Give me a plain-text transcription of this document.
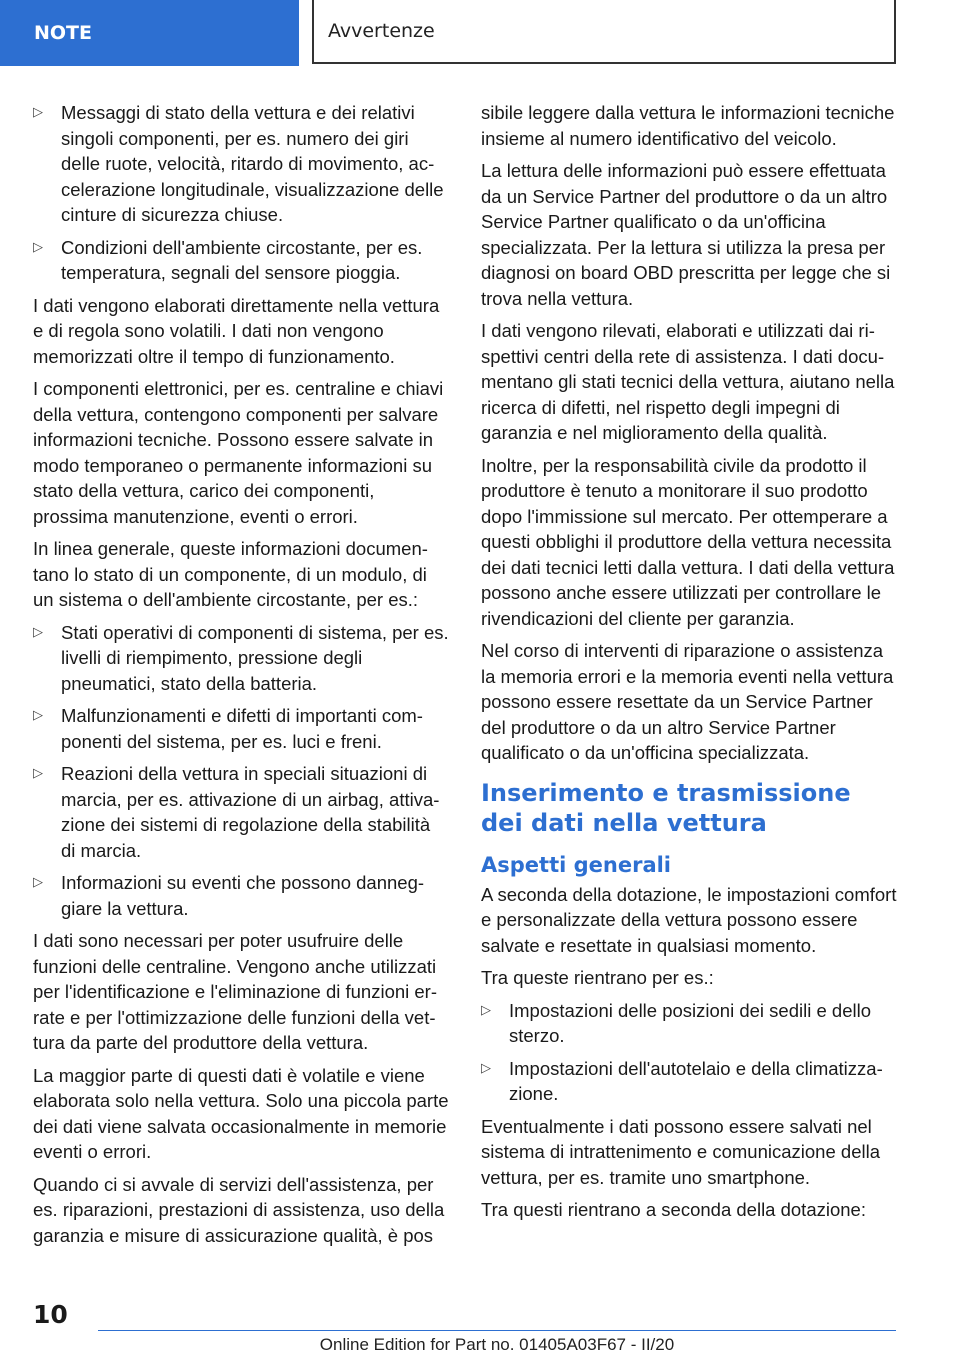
NOTE	Avvertenze
▷ Messaggi di stato della vettura e dei relativi singoli componenti, per es. numero dei giri delle ruote, velocità, ritardo di movimento, accelerazione longitudinale, visualizzazione delle cinture di sicurezza chiuse.
▷ Condizioni dell'ambiente circostante, per es. temperatura, segnali del sensore pioggia.

I dati vengono elaborati direttamente nella vettura e di regola sono volatili. I dati non vengono memorizzati oltre il tempo di funzionamento.

I componenti elettronici, per es. centraline e chiavi della vettura, contengono componenti per salvare informazioni tecniche. Possono essere salvate in modo temporaneo o permanente informazioni su stato della vettura, carico dei componenti, prossima manutenzione, eventi o errori.

In linea generale, queste informazioni documentano lo stato di un componente, di un modulo, di un sistema o dell'ambiente circostante, per es.:

▷ Stati operativi di componenti di sistema, per es. livelli di riempimento, pressione degli pneumatici, stato della batteria.
▷ Malfunzionamenti e difetti di importanti componenti del sistema, per es. luci e freni.
▷ Reazioni della vettura in speciali situazioni di marcia, per es. attivazione di un airbag, attivazione dei sistemi di regolazione della stabilità di marcia.
▷ Informazioni su eventi che possono danneggiare la vettura.

I dati sono necessari per poter usufruire delle funzioni delle centraline. Vengono anche utilizzati per l'identificazione e l'eliminazione di funzioni errate e per l'ottimizzazione delle funzioni della vettura da parte del produttore della vettura.

La maggior parte di questi dati è volatile e viene elaborata solo nella vettura. Solo una piccola parte dei dati viene salvata occasionalmente in memorie eventi o errori.

Quando ci si avvale di servizi dell'assistenza, per es. riparazioni, prestazioni di assistenza, uso della garanzia e misure di assicurazione qualità, è pos

sibile leggere dalla vettura le informazioni tecniche insieme al numero identificativo del veicolo.

La lettura delle informazioni può essere effettuata da un Service Partner del produttore o da un altro Service Partner qualificato o da un'officina specializzata. Per la lettura si utilizza la presa per diagnosi on board OBD prescritta per legge che si trova nella vettura.

I dati vengono rilevati, elaborati e utilizzati dai rispettivi centri della rete di assistenza. I dati documentano gli stati tecnici della vettura, aiutano nella ricerca di difetti, nel rispetto degli impegni di garanzia e nel miglioramento della qualità.

Inoltre, per la responsabilità civile da prodotto il produttore è tenuto a monitorare il suo prodotto dopo l'immissione sul mercato. Per ottemperare a questi obblighi il produttore della vettura necessita dei dati tecnici letti dalla vettura. I dati della vettura possono anche essere utilizzati per controllare le rivendicazioni del cliente per garanzia.

Nel corso di interventi di riparazione o assistenza la memoria errori e la memoria eventi nella vettura possono essere resettate da un Service Partner del produttore o da un altro Service Partner qualificato o da un'officina specializzata.

Inserimento e trasmissione dei dati nella vettura
Aspetti generali

A seconda della dotazione, le impostazioni comfort e personalizzate della vettura possono essere salvate e resettate in qualsiasi momento.

Tra queste rientrano per es.:

▷ Impostazioni delle posizioni dei sedili e dello sterzo.
▷ Impostazioni dell'autotelaio e della climatizzazione.

Eventualmente i dati possono essere salvati nel sistema di intrattenimento e comunicazione della vettura, per es. tramite uno smartphone.

Tra questi rientrano a seconda della dotazione:

10
Online Edition for Part no. 01405A03F67 - II/20
